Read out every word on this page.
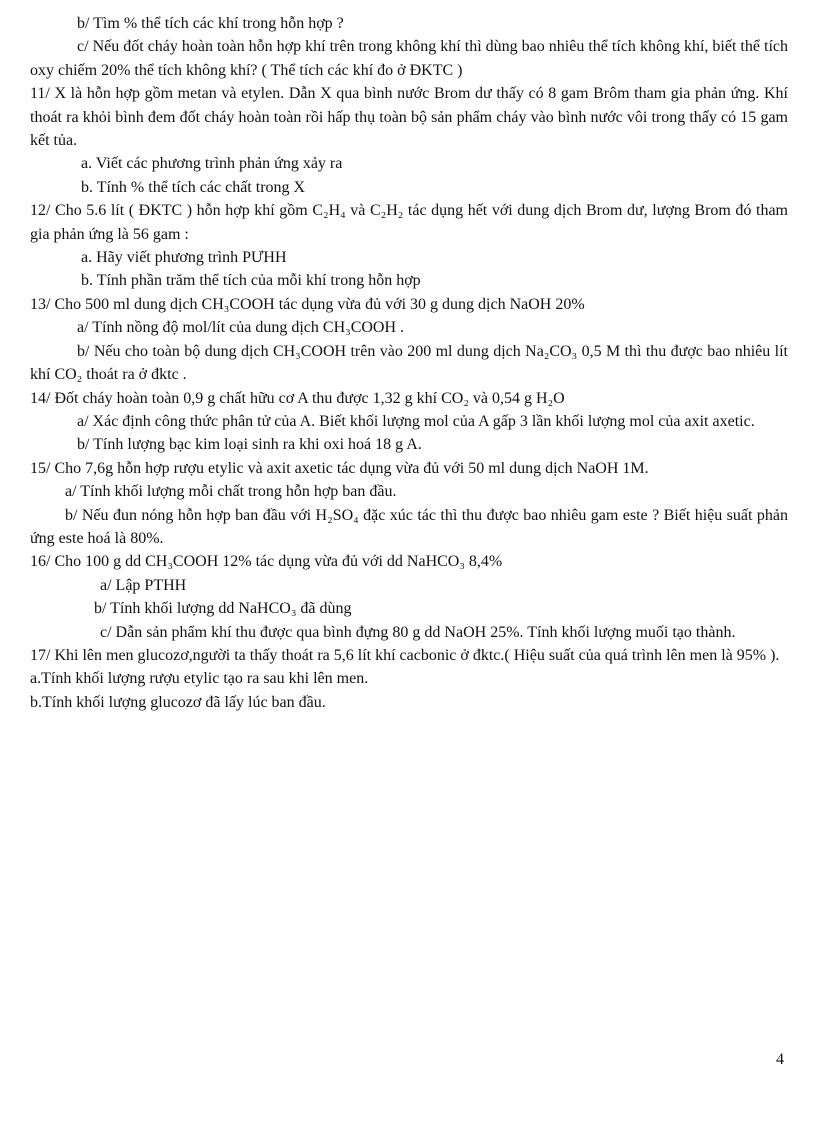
b/ Tìm % thể tích các khí trong hỗn hợp ?
c/ Nếu đốt cháy hoàn toàn hỗn hợp khí trên trong không khí thì dùng bao nhiêu thể tích không khí, biết thể tích oxy chiếm 20% thể tích không khí? ( Thể tích các khí đo ở ĐKTC )
11/ X là hỗn hợp gồm metan và etylen. Dẫn X qua bình nước Brom dư thấy có 8 gam Brôm tham gia phản ứng. Khí thoát ra khỏi bình đem đốt cháy hoàn toàn rồi hấp thụ toàn bộ sản phẩm cháy vào bình nước vôi trong thấy có 15 gam kết tủa.
a. Viết các phương trình phản ứng xảy ra
b. Tính % thể tích các chất trong X
12/ Cho 5.6 lít ( ĐKTC ) hỗn hợp khí gồm C₂H₄ và C₂H₂ tác dụng hết với dung dịch Brom dư, lượng Brom đó tham gia phản ứng là 56 gam :
a. Hãy viết phương trình PƯHH
b. Tính phần trăm thể tích của mỗi khí trong hỗn hợp
13/ Cho 500 ml dung dịch CH₃COOH tác dụng vừa đủ với 30 g dung dịch NaOH 20%
a/ Tính nồng độ mol/lít của dung dịch CH₃COOH .
b/ Nếu cho toàn bộ dung dịch CH₃COOH trên vào 200 ml dung dịch Na₂CO₃ 0,5 M thì thu được bao nhiêu lít khí CO₂ thoát ra ở đktc .
14/ Đốt cháy hoàn toàn 0,9 g chất hữu cơ A thu được 1,32 g khí CO₂ và 0,54 g H₂O
a/ Xác định công thức phân tử của A. Biết khối lượng mol của A gấp 3 lần khối lượng mol của axit axetic.
b/ Tính lượng bạc kim loại sinh ra khi oxi hoá 18 g A.
15/ Cho 7,6g hỗn hợp rượu etylic và axit axetic tác dụng vừa đủ với 50 ml dung dịch NaOH 1M.
a/ Tính khối lượng mỗi chất trong hỗn hợp ban đầu.
b/ Nếu đun nóng hỗn hợp ban đầu với H₂SO₄ đặc xúc tác thì thu được bao nhiêu gam este ? Biết hiệu suất phản ứng este hoá là 80%.
16/ Cho 100 g dd CH₃COOH 12% tác dụng vừa đủ với dd NaHCO₃ 8,4%
a/ Lập PTHH
b/ Tính khối lượng dd NaHCO₃ đã dùng
c/ Dẫn sản phẩm khí thu được qua bình đựng 80 g dd NaOH 25%. Tính khối lượng muối tạo thành.
17/ Khi lên men glucozơ,người ta thấy thoát ra 5,6 lít khí cacbonic ở đktc.( Hiệu suất của quá trình lên men là 95% ).
a.Tính khối lượng rượu etylic tạo ra sau khi lên men.
b.Tính khối lượng glucozơ đã lấy lúc ban đầu.
4
